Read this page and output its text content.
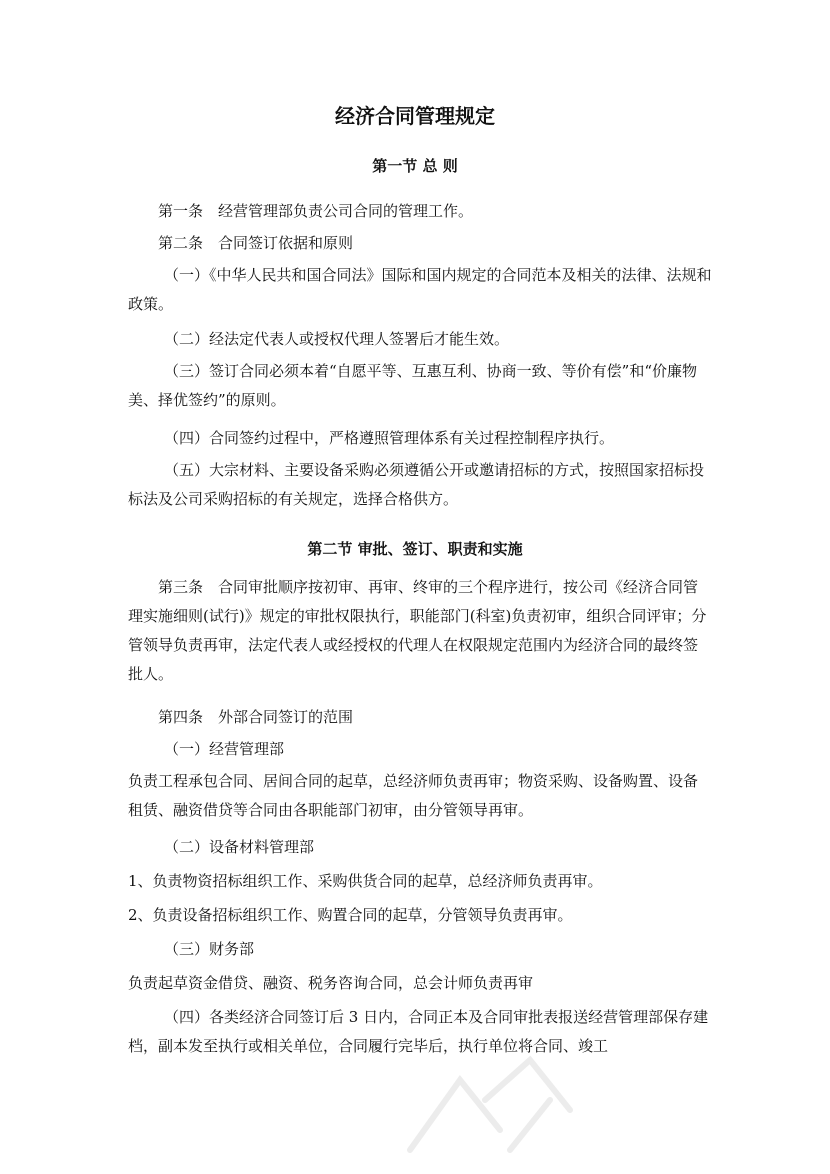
经济合同管理规定
第一节 总 则

第一条　经营管理部负责公司合同的管理工作。

第二条　合同签订依据和原则

（一）《中华人民共和国合同法》国际和国内规定的合同范本及相关的法律、法规和政策。

（二）经法定代表人或授权代理人签署后才能生效。

（三）签订合同必须本着“自愿平等、互惠互利、协商一致、等价有偿”和“价廉物美、择优签约”的原则。

（四）合同签约过程中，严格遵照管理体系有关过程控制程序执行。

（五）大宗材料、主要设备采购必须遵循公开或邀请招标的方式，按照国家招标投标法及公司采购招标的有关规定，选择合格供方。

第二节 审批、签订、职责和实施

第三条　合同审批顺序按初审、再审、终审的三个程序进行，按公司《经济合同管理实施细则(试行)》规定的审批权限执行，职能部门(科室)负责初审，组织合同评审；分管领导负责再审，法定代表人或经授权的代理人在权限规定范围内为经济合同的最终签批人。

第四条　外部合同签订的范围

（一）经营管理部

负责工程承包合同、居间合同的起草，总经济师负责再审；物资采购、设备购置、设备租赁、融资借贷等合同由各职能部门初审，由分管领导再审。

（二）设备材料管理部

1、负责物资招标组织工作、采购供货合同的起草，总经济师负责再审。

2、负责设备招标组织工作、购置合同的起草，分管领导负责再审。

（三）财务部

负责起草资金借贷、融资、税务咨询合同，总会计师负责再审

（四）各类经济合同签订后 3 日内，合同正本及合同审批表报送经营管理部保存建档，副本发至执行或相关单位，合同履行完毕后，执行单位将合同、竣工
